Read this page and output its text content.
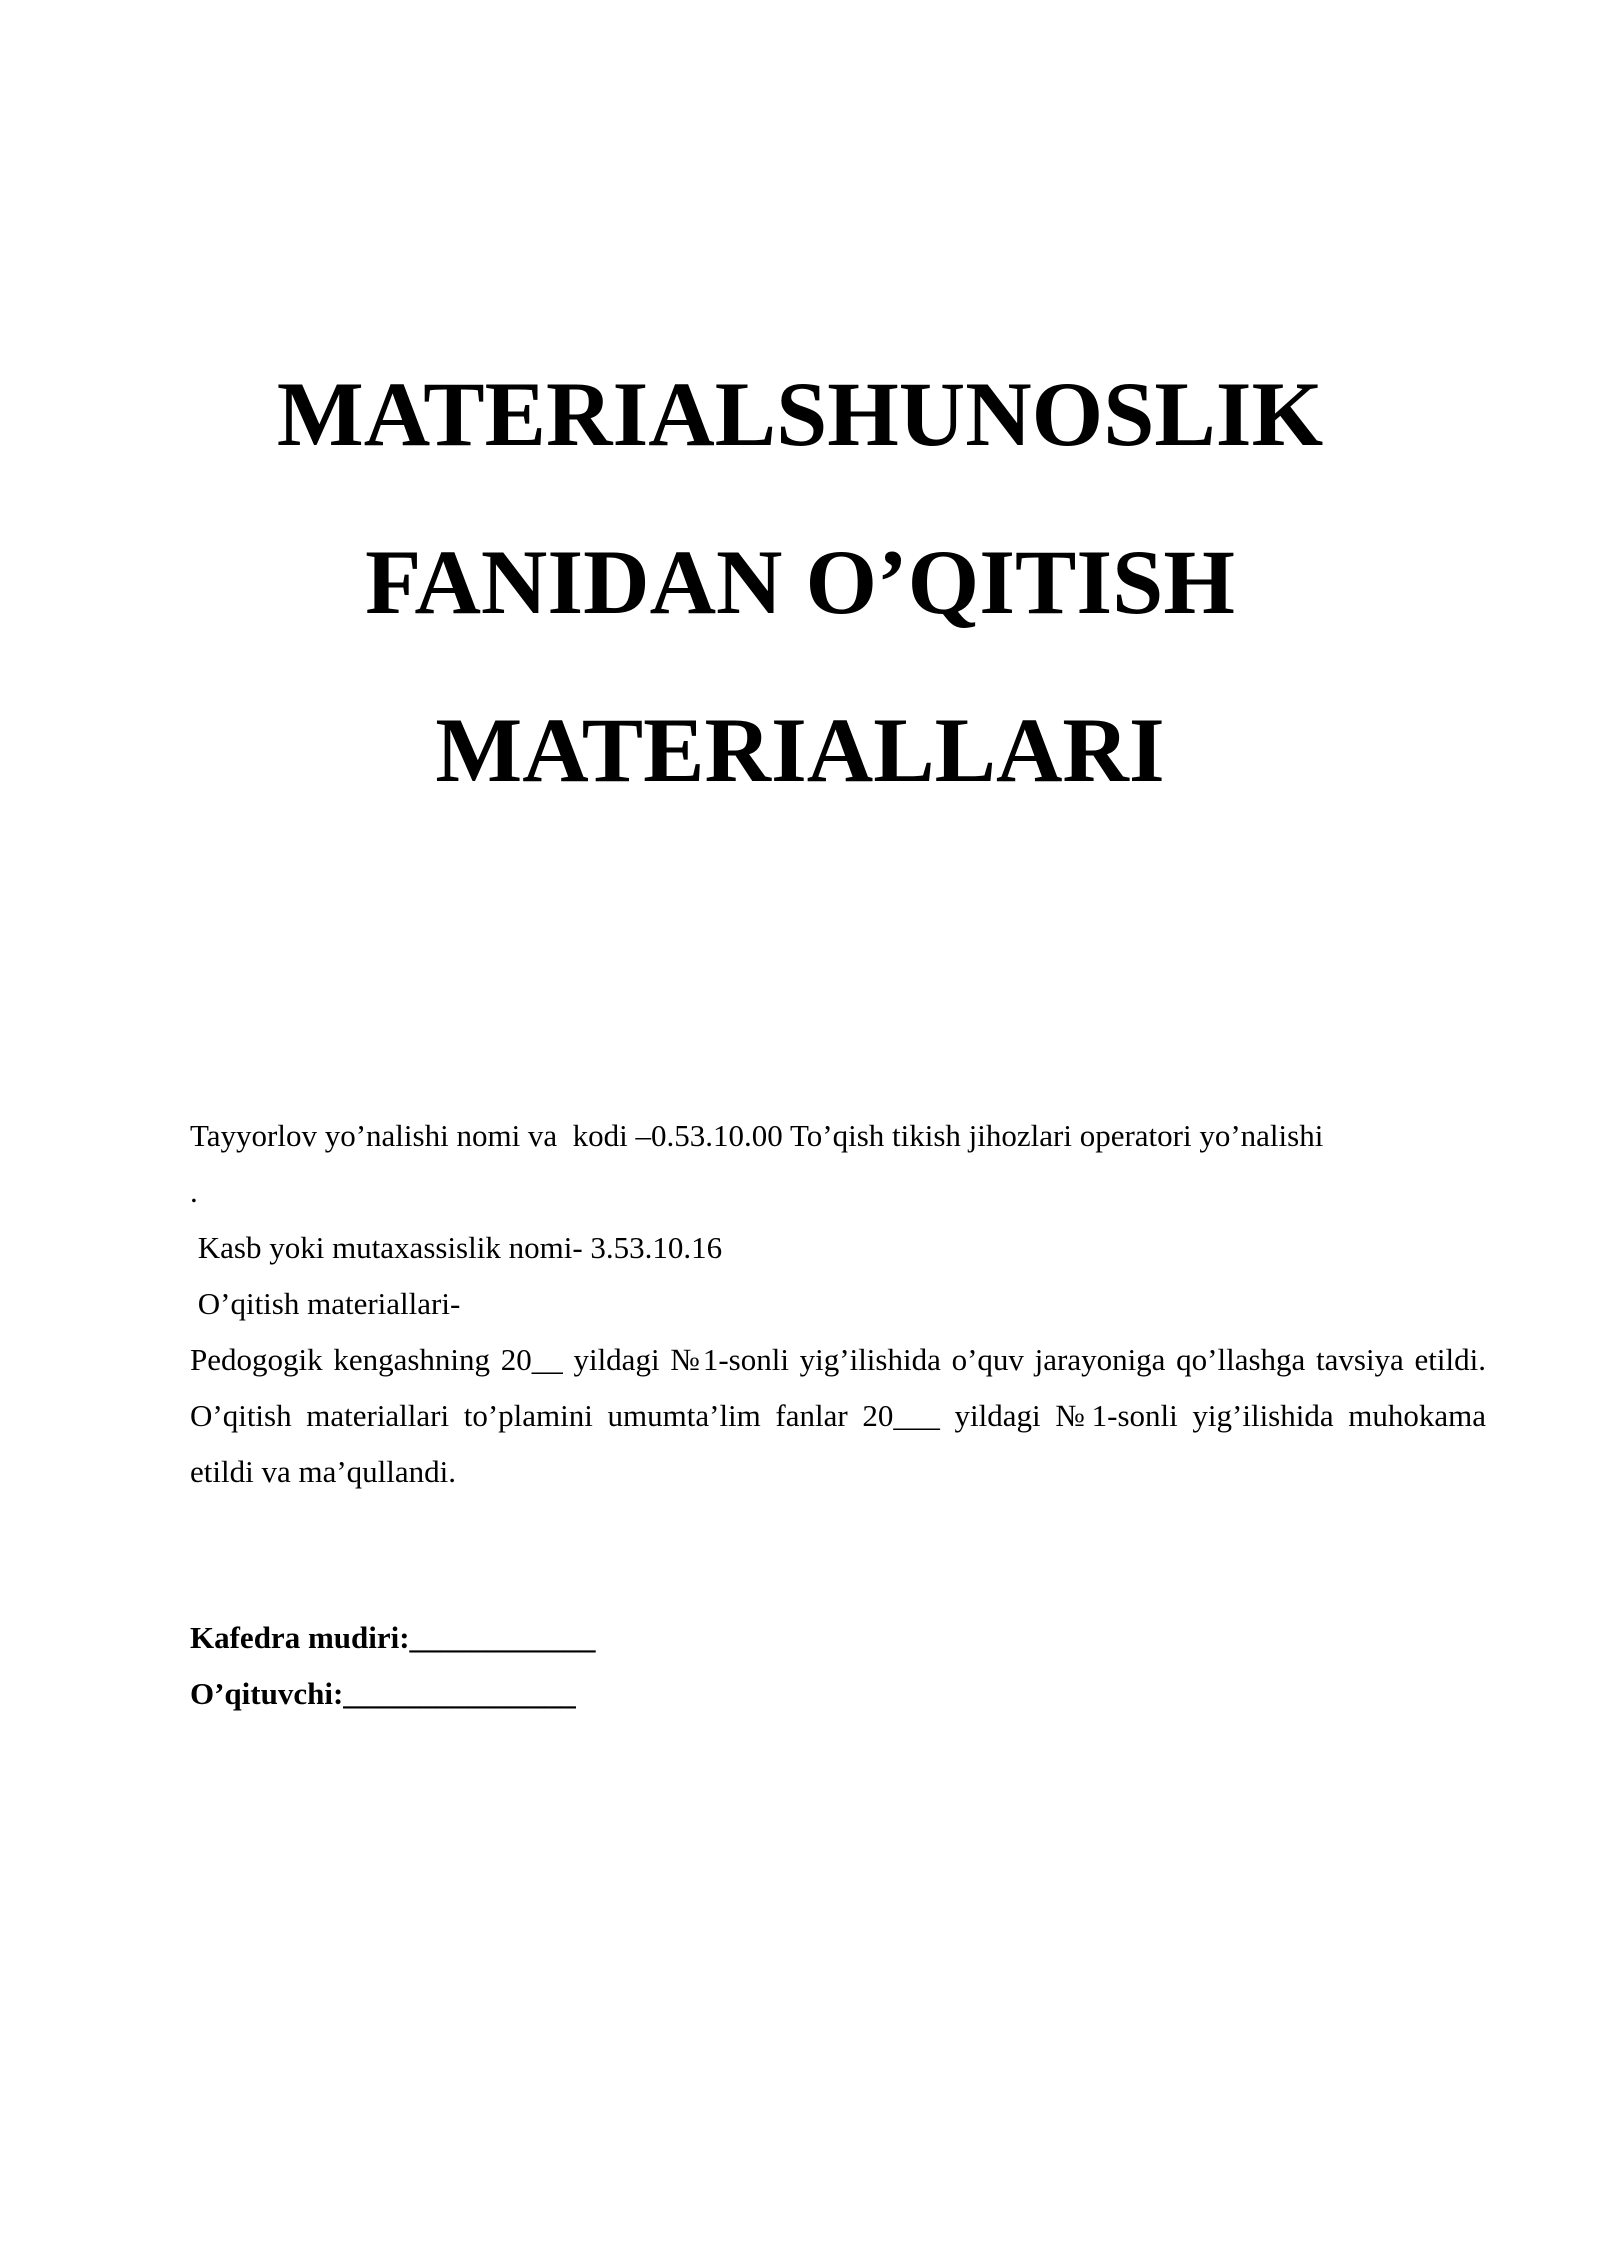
MATERIALSHUNOSLIK
FANIDAN O’QITISH
MATERIALLARI
Tayyorlov yo’nalishi nomi va  kodi –0.53.10.00 To’qish tikish jihozlari operatori yo’nalishi
.
Kasb yoki mutaxassislik nomi- 3.53.10.16
O’qitish materiallari-
Pedogogik kengashning 20__ yildagi №1-sonli yig’ilishida o’quv jarayoniga qo’llashga tavsiya etildi. O’qitish materiallari to’plamini umumta’lim fanlar 20___ yildagi №1-sonli yig’ilishida muhokama etildi va ma’qullandi.
Kafedra mudiri:____________
O’qituvchi:_______________
